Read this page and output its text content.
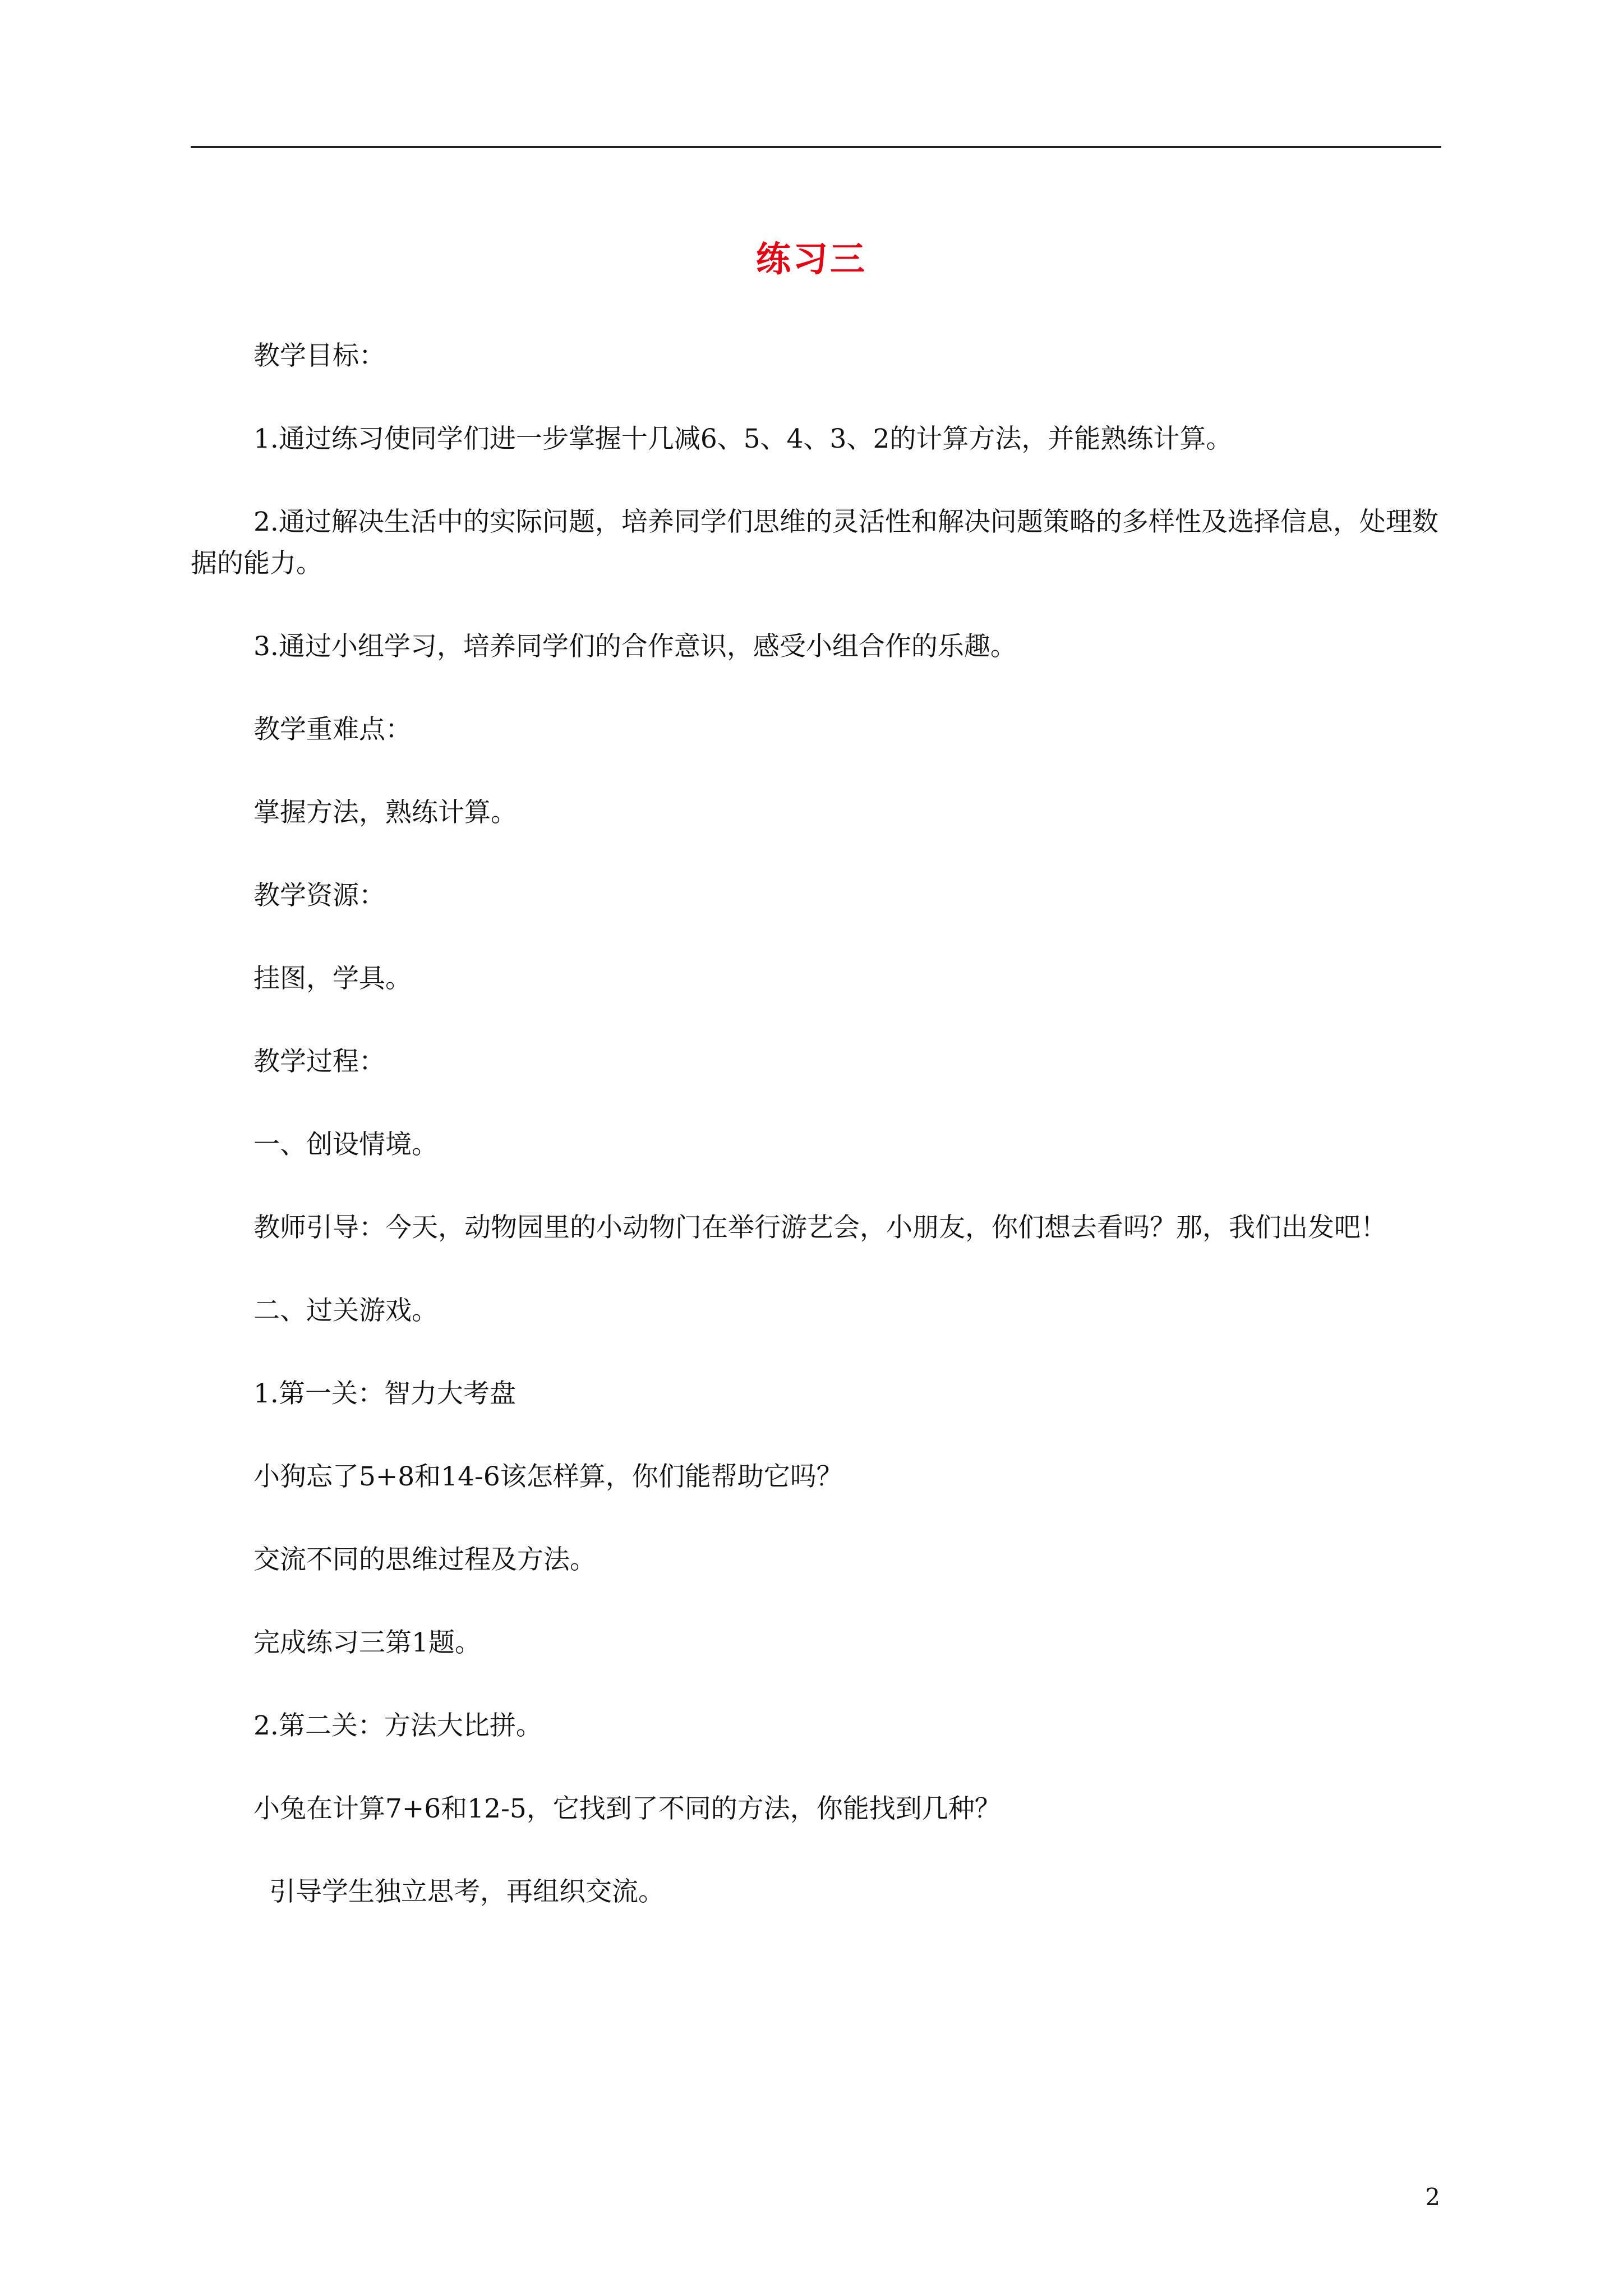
练习三

教学目标：

1.通过练习使同学们进一步掌握十几减6、5、4、3、2的计算方法，并能熟练计算。

2.通过解决生活中的实际问题，培养同学们思维的灵活性和解决问题策略的多样性及选择信息，处理数据的能力。

3.通过小组学习，培养同学们的合作意识，感受小组合作的乐趣。

教学重难点：

掌握方法，熟练计算。

教学资源：

挂图，学具。

教学过程：

一、创设情境。

教师引导：今天，动物园里的小动物门在举行游艺会，小朋友，你们想去看吗？那，我们出发吧！

二、过关游戏。

1.第一关：智力大考盘

小狗忘了5+8和14-6该怎样算，你们能帮助它吗？

交流不同的思维过程及方法。

完成练习三第1题。

2.第二关：方法大比拼。

小兔在计算7+6和12-5，它找到了不同的方法，你能找到几种？

引导学生独立思考，再组织交流。

2
